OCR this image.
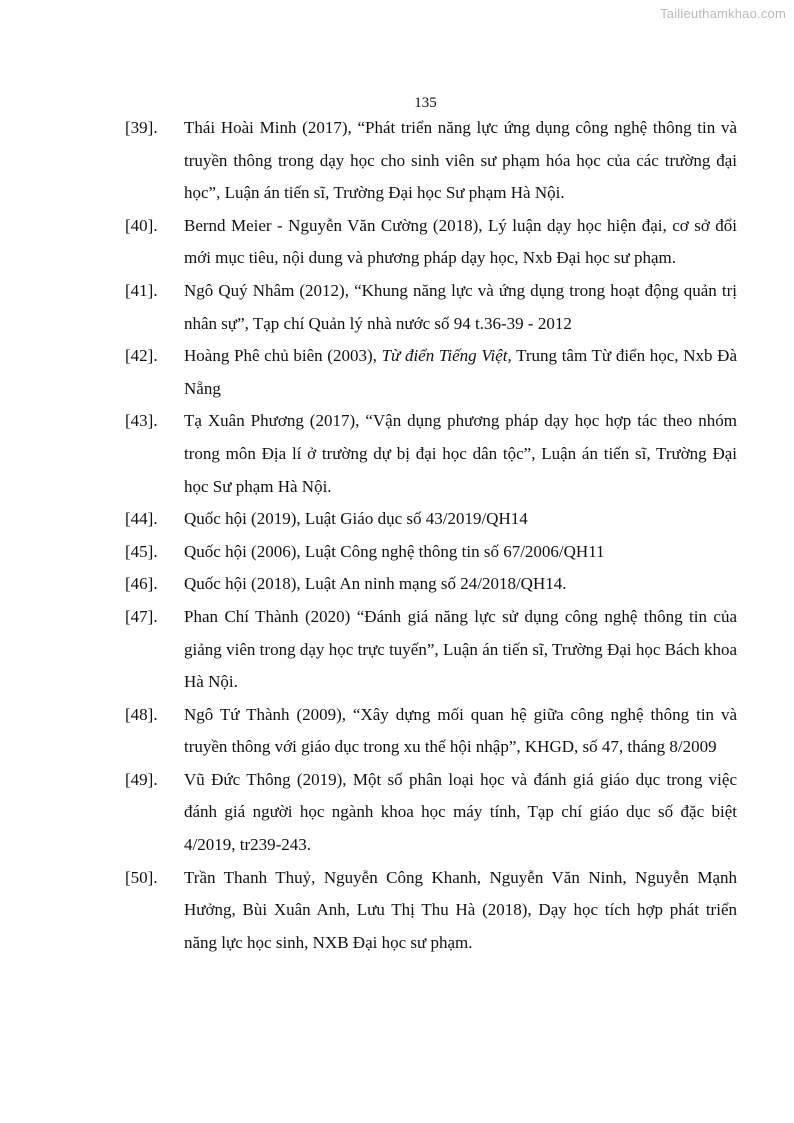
Tailieuthamkhao.com
135
[39].	Thái Hoài Minh (2017), “Phát triển năng lực ứng dụng công nghệ thông tin và truyền thông trong dạy học cho sinh viên sư phạm hóa học của các trường đại học”, Luận án tiến sĩ, Trường Đại học Sư phạm Hà Nội.
[40].	Bernd Meier - Nguyễn Văn Cường (2018), Lý luận dạy học hiện đại, cơ sở đổi mới mục tiêu, nội dung và phương pháp dạy học, Nxb Đại học sư phạm.
[41].	Ngô Quý Nhâm (2012), “Khung năng lực và ứng dụng trong hoạt động quản trị nhân sự”, Tạp chí Quản lý nhà nước số 94 t.36-39 - 2012
[42].	Hoàng Phê chủ biên (2003), Từ điển Tiếng Việt, Trung tâm Từ điển học, Nxb Đà Nẵng
[43].	Tạ Xuân Phương (2017), “Vận dụng phương pháp dạy học hợp tác theo nhóm trong môn Địa lí ở trường dự bị đại học dân tộc”, Luận án tiến sĩ, Trường Đại học Sư phạm Hà Nội.
[44].	Quốc hội (2019), Luật Giáo dục số 43/2019/QH14
[45].	Quốc hội (2006), Luật Công nghệ thông tin số 67/2006/QH11
[46].	Quốc hội (2018), Luật An ninh mạng số 24/2018/QH14.
[47].	Phan Chí Thành (2020) “Đánh giá năng lực sử dụng công nghệ thông tin của giảng viên trong dạy học trực tuyến”, Luận án tiến sĩ, Trường Đại học Bách khoa Hà Nội.
[48].	Ngô Tứ Thành (2009), “Xây dựng mối quan hệ giữa công nghệ thông tin và truyền thông với giáo dục trong xu thế hội nhập”, KHGD, số 47, tháng 8/2009
[49].	Vũ Đức Thông (2019), Một số phân loại học và đánh giá giáo dục trong việc đánh giá người học ngành khoa học máy tính, Tạp chí giáo dục số đặc biệt 4/2019, tr239-243.
[50].	Trần Thanh Thuỷ, Nguyễn Công Khanh, Nguyễn Văn Ninh, Nguyễn Mạnh Hưởng, Bùi Xuân Anh, Lưu Thị Thu Hà (2018), Dạy học tích hợp phát triển năng lực học sinh, NXB Đại học sư phạm.
